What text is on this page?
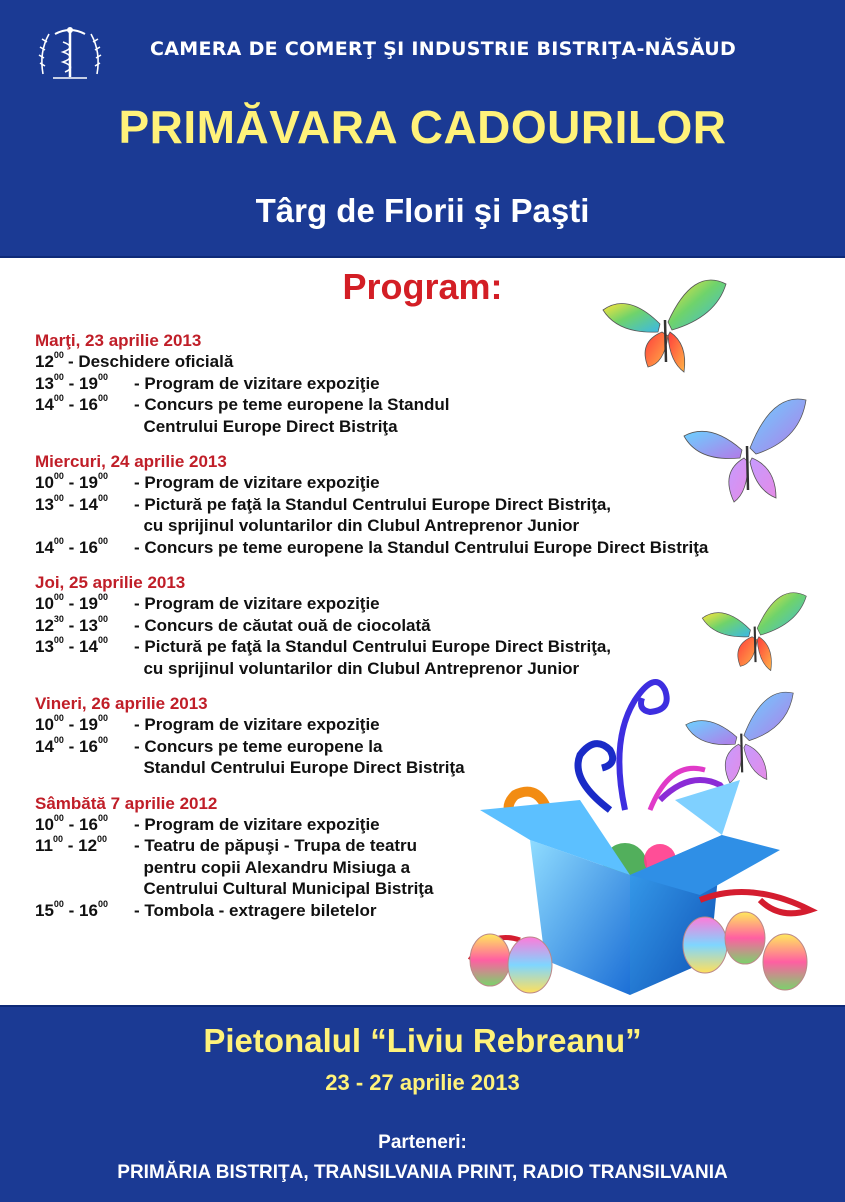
CAMERA DE COMERŢ ŞI INDUSTRIE BISTRIŢA-NĂSĂUD
PRIMĂVARA CADOURILOR
Târg de Florii şi Paşti
Program:
Marţi, 23 aprilie 2013
$12^{00}$ - Deschidere oficială
$13^{00} - 19^{00}$	- Program de vizitare expoziţie
$14^{00} - 16^{00}$	- Concurs pe teme europene la Standul
Centrului Europe Direct Bistriţa
Miercuri, 24 aprilie 2013
$10^{00} - 19^{00}$	- Program de vizitare expoziţie
$13^{00} - 14^{00}$	- Pictură pe faţă la Standul Centrului Europe Direct Bistriţa,
cu sprijinul voluntarilor din Clubul Antreprenor Junior
$14^{00} - 16^{00}$	- Concurs pe teme europene la Standul Centrului Europe Direct Bistriţa
Joi, 25 aprilie 2013
$10^{00} - 19^{00}$	- Program de vizitare expoziţie
$12^{30} - 13^{00}$	- Concurs de căutat ouă de ciocolată
$13^{00} - 14^{00}$	- Pictură pe faţă la Standul Centrului Europe Direct Bistriţa,
cu sprijinul voluntarilor din Clubul Antreprenor Junior
Vineri, 26 aprilie 2013
$10^{00} - 19^{00}$	- Program de vizitare expoziţie
$14^{00} - 16^{00}$	- Concurs pe teme europene la
Standul Centrului Europe Direct Bistriţa
Sâmbătă 7 aprilie 2012
$10^{00} - 16^{00}$	- Program de vizitare expoziţie
$11^{00} - 12^{00}$	- Teatru de păpuşi - Trupa de teatru
pentru copii Alexandru Misiuga a
Centrului Cultural Municipal Bistriţa
$15^{00} - 16^{00}$	- Tombola - extragere biletelor
Pietonalul “Liviu Rebreanu”
23 - 27 aprilie 2013
Parteneri:
PRIMĂRIA BISTRIŢA, TRANSILVANIA PRINT, RADIO TRANSILVANIA
